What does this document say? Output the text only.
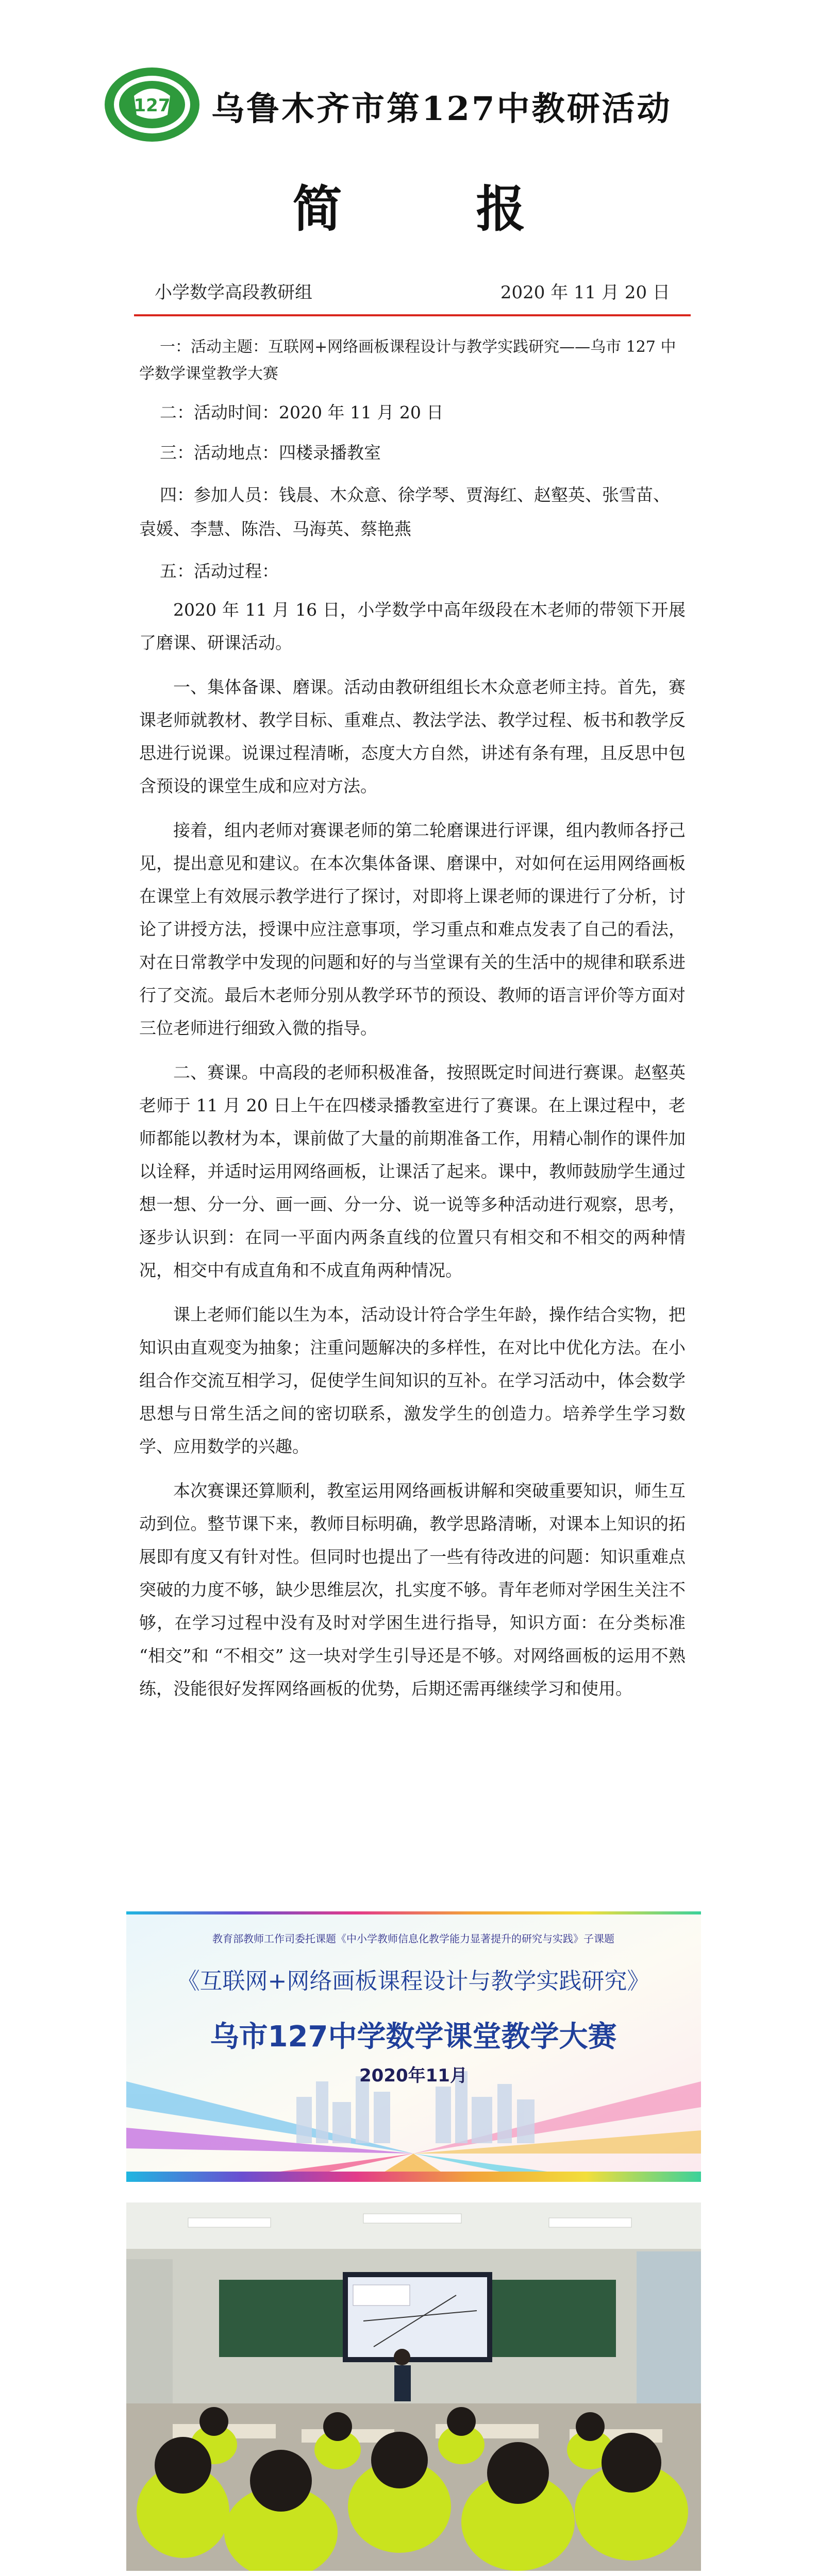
127 乌鲁木齐市第127中教研活动
简报
小学数学高段教研组	2020 年 11 月 20 日

一：活动主题：互联网+网络画板课程设计与教学实践研究——乌市 127 中学数学课堂教学大赛

二：活动时间：2020 年 11 月 20 日

三：活动地点：四楼录播教室

四：参加人员：钱晨、木众意、徐学琴、贾海红、赵壑英、张雪苗、袁媛、李慧、陈浩、马海英、蔡艳燕

五：活动过程：

2020 年 11 月 16 日，小学数学中高年级段在木老师的带领下开展了磨课、研课活动。

一、集体备课、磨课。活动由教研组组长木众意老师主持。首先，赛课老师就教材、教学目标、重难点、教法学法、教学过程、板书和教学反思进行说课。说课过程清晰，态度大方自然，讲述有条有理，且反思中包含预设的课堂生成和应对方法。

接着，组内老师对赛课老师的第二轮磨课进行评课，组内教师各抒己见，提出意见和建议。在本次集体备课、磨课中，对如何在运用网络画板在课堂上有效展示教学进行了探讨，对即将上课老师的课进行了分析，讨论了讲授方法，授课中应注意事项，学习重点和难点发表了自己的看法，对在日常教学中发现的问题和好的与当堂课有关的生活中的规律和联系进行了交流。最后木老师分别从教学环节的预设、教师的语言评价等方面对三位老师进行细致入微的指导。

二、赛课。中高段的老师积极准备，按照既定时间进行赛课。赵壑英老师于 11 月 20 日上午在四楼录播教室进行了赛课。在上课过程中，老师都能以教材为本，课前做了大量的前期准备工作，用精心制作的课件加以诠释，并适时运用网络画板，让课活了起来。课中，教师鼓励学生通过想一想、分一分、画一画、分一分、说一说等多种活动进行观察，思考，逐步认识到：在同一平面内两条直线的位置只有相交和不相交的两种情况，相交中有成直角和不成直角两种情况。

课上老师们能以生为本，活动设计符合学生年龄，操作结合实物，把知识由直观变为抽象；注重问题解决的多样性，在对比中优化方法。在小组合作交流互相学习，促使学生间知识的互补。在学习活动中，体会数学思想与日常生活之间的密切联系，激发学生的创造力。培养学生学习数学、应用数学的兴趣。

本次赛课还算顺利，教室运用网络画板讲解和突破重要知识，师生互动到位。整节课下来，教师目标明确，教学思路清晰，对课本上知识的拓展即有度又有针对性。但同时也提出了一些有待改进的问题：知识重难点突破的力度不够，缺少思维层次，扎实度不够。青年老师对学困生关注不够，在学习过程中没有及时对学困生进行指导，知识方面：在分类标准 “相交”和 “不相交” 这一块对学生引导还是不够。对网络画板的运用不熟练，没能很好发挥网络画板的优势，后期还需再继续学习和使用。

教育部教师工作司委托课题《中小学教师信息化教学能力显著提升的研究与实践》子课题
《互联网+网络画板课程设计与教学实践研究》
乌市127中学数学课堂教学大赛
2020年11月
